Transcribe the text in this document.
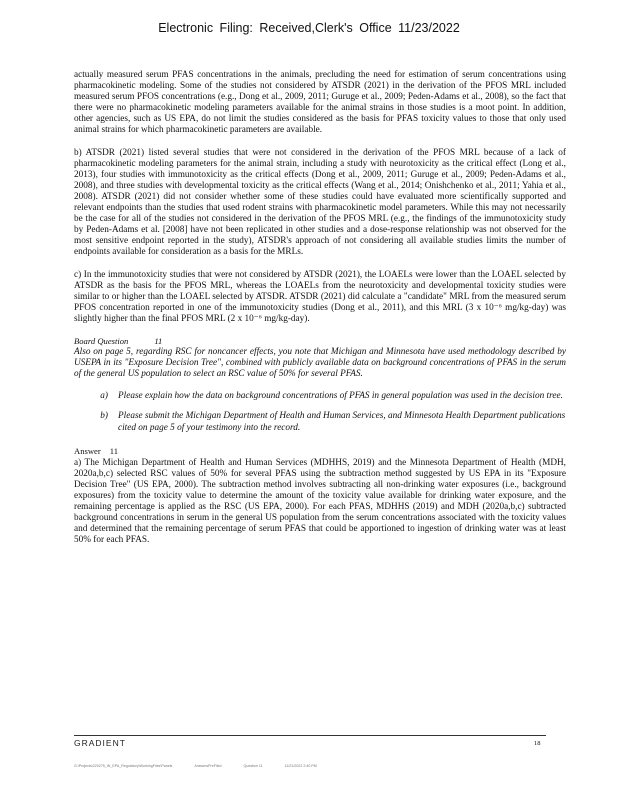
Electronic Filing: Received,Clerk's Office 11/23/2022

actually measured serum PFAS concentrations in the animals, precluding the need for estimation of serum concentrations using pharmacokinetic modeling. Some of the studies not considered by ATSDR (2021) in the derivation of the PFOS MRL included measured serum PFOS concentrations (e.g., Dong et al., 2009, 2011; Guruge et al., 2009; Peden-Adams et al., 2008), so the fact that there were no pharmacokinetic modeling parameters available for the animal strains in those studies is a moot point. In addition, other agencies, such as US EPA, do not limit the studies considered as the basis for PFAS toxicity values to those that only used animal strains for which pharmacokinetic parameters are available.

b) ATSDR (2021) listed several studies that were not considered in the derivation of the PFOS MRL because of a lack of pharmacokinetic modeling parameters for the animal strain, including a study with neurotoxicity as the critical effect (Long et al., 2013), four studies with immunotoxicity as the critical effects (Dong et al., 2009, 2011; Guruge et al., 2009; Peden-Adams et al., 2008), and three studies with developmental toxicity as the critical effects (Wang et al., 2014; Onishchenko et al., 2011; Yahia et al., 2008). ATSDR (2021) did not consider whether some of these studies could have evaluated more scientifically supported and relevant endpoints than the studies that used rodent strains with pharmacokinetic model parameters. While this may not necessarily be the case for all of the studies not considered in the derivation of the PFOS MRL (e.g., the findings of the immunotoxicity study by Peden-Adams et al. [2008] have not been replicated in other studies and a dose-response relationship was not observed for the most sensitive endpoint reported in the study), ATSDR's approach of not considering all available studies limits the number of endpoints available for consideration as a basis for the MRLs.

c) In the immunotoxicity studies that were not considered by ATSDR (2021), the LOAELs were lower than the LOAEL selected by ATSDR as the basis for the PFOS MRL, whereas the LOAELs from the neurotoxicity and developmental toxicity studies were similar to or higher than the LOAEL selected by ATSDR. ATSDR (2021) did calculate a "candidate" MRL from the measured serum PFOS concentration reported in one of the immunotoxicity studies (Dong et al., 2011), and this MRL (3 x 10⁻⁶ mg/kg-day) was slightly higher than the final PFOS MRL (2 x 10⁻⁶ mg/kg-day).

Board Question	11

Also on page 5, regarding RSC for noncancer effects, you note that Michigan and Minnesota have used methodology described by USEPA in its "Exposure Decision Tree", combined with publicly available data on background concentrations of PFAS in the serum of the general US population to select an RSC value of 50% for several PFAS.

a)	Please explain how the data on background concentrations of PFAS in general population was used in the decision tree.
b)	Please submit the Michigan Department of Health and Human Services, and Minnesota Health Department publications cited on page 5 of your testimony into the record.
Answer 11

a) The Michigan Department of Health and Human Services (MDHHS, 2019) and the Minnesota Department of Health (MDH, 2020a,b,c) selected RSC values of 50% for several PFAS using the subtraction method suggested by US EPA in its "Exposure Decision Tree" (US EPA, 2000). The subtraction method involves subtracting all non-drinking water exposures (i.e., background exposures) from the toxicity value to determine the amount of the toxicity value available for drinking water exposure, and the remaining percentage is applied as the RSC (US EPA, 2000). For each PFAS, MDHHS (2019) and MDH (2020a,b,c) subtracted background concentrations in serum in the general US population from the serum concentrations associated with the toxicity values and determined that the remaining percentage of serum PFAS that could be apportioned to ingestion of drinking water was at least 50% for each PFAS.

GRADIENT	18
G:\Projects\220275_IN_EPA_Regulatory\WorkingFiles\Panels	AnswersPreFiled	Question 11	11/21/2022 2:40 PM
